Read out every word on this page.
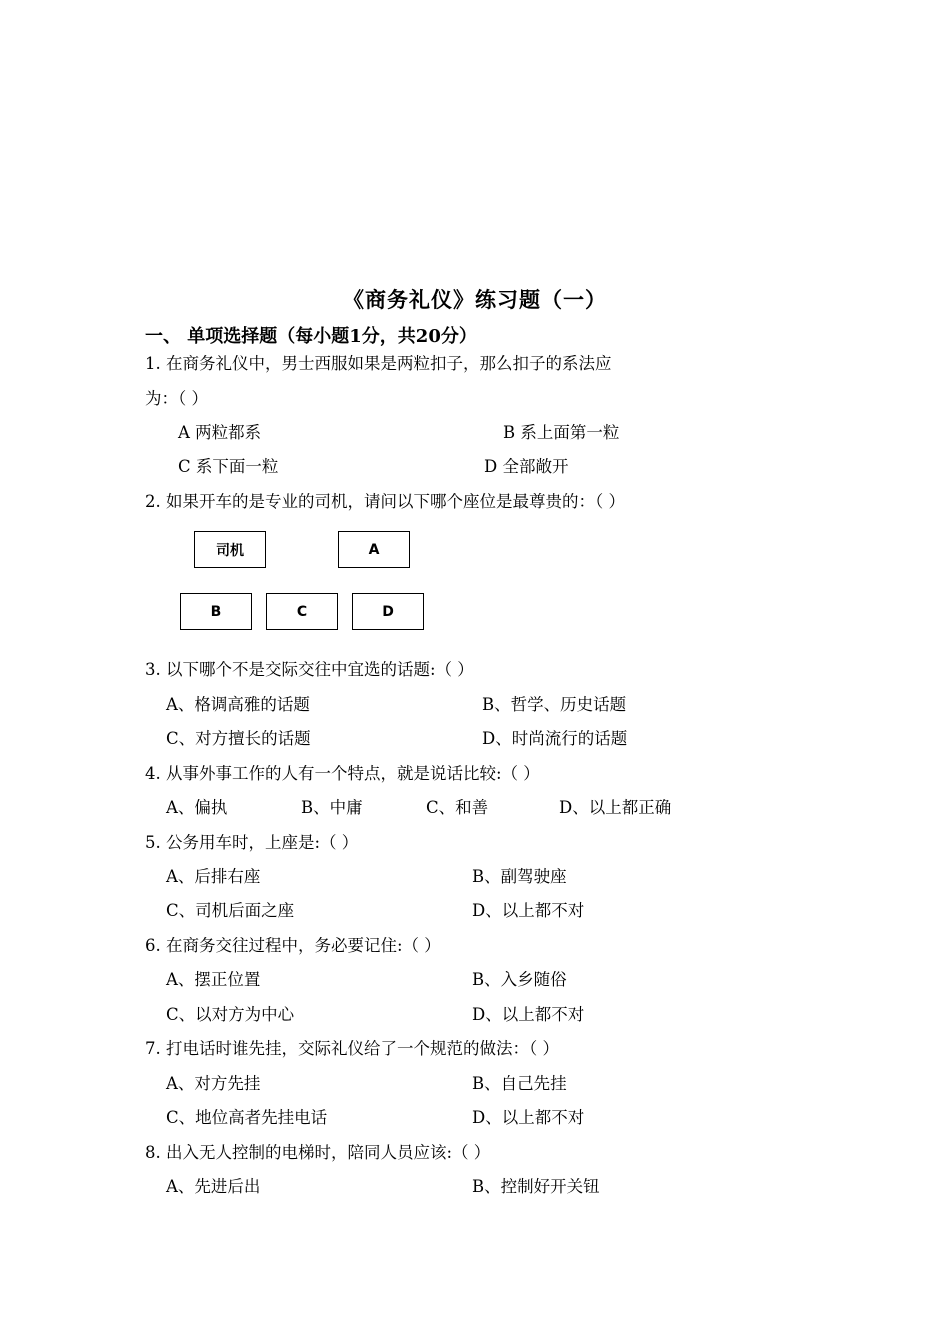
《商务礼仪》练习题（一）
一、 单项选择题（每小题1分，共20分）
1. 在商务礼仪中，男士西服如果是两粒扣子，那么扣子的系法应
为：（ ）
A 两粒都系	B 系上面第一粒
C 系下面一粒	D 全部敞开
2. 如果开车的是专业的司机，请问以下哪个座位是最尊贵的：（ ）
司机	A
B	C	D
3. 以下哪个不是交际交往中宜选的话题:（ ）
A、格调高雅的话题	B、哲学、历史话题
C、对方擅长的话题	D、时尚流行的话题
4. 从事外事工作的人有一个特点，就是说话比较:（ ）
A、偏执	B、中庸	C、和善	D、以上都正确
5. 公务用车时，上座是:（ ）
A、后排右座	B、副驾驶座
C、司机后面之座	D、以上都不对
6. 在商务交往过程中，务必要记住:（ ）
A、摆正位置	B、入乡随俗
C、以对方为中心	D、以上都不对
7. 打电话时谁先挂，交际礼仪给了一个规范的做法：（ ）
A、对方先挂	B、自己先挂
C、地位高者先挂电话	D、以上都不对
8. 出入无人控制的电梯时，陪同人员应该:（ ）
A、先进后出	B、控制好开关钮
